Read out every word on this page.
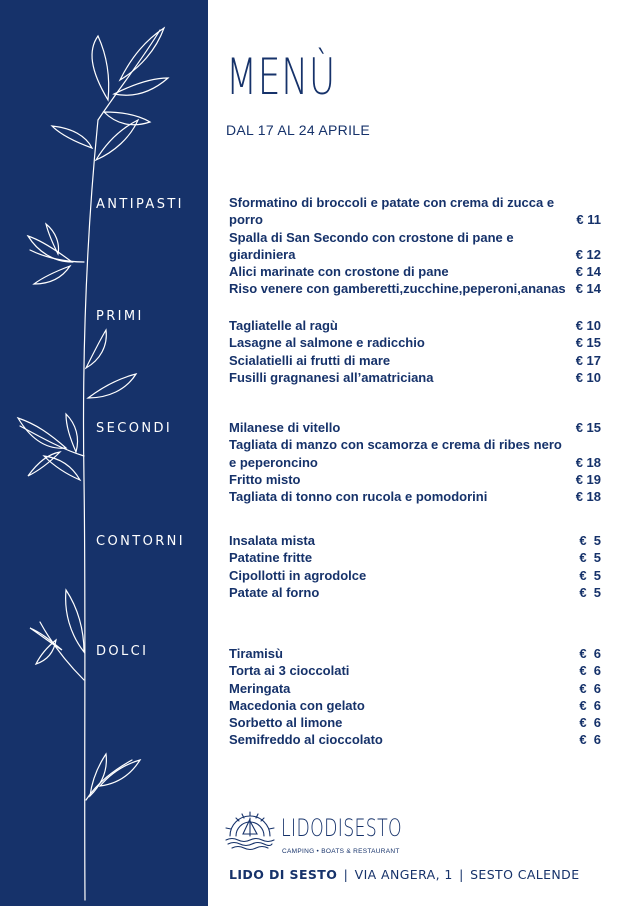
ANTIPASTI
PRIMI
SECONDI
CONTORNI
DOLCI
MENÙ
DAL 17 AL 24 APRILE
Sformatino di broccoli e patate con crema di zucca e porro	€ 11
Spalla di San Secondo con crostone di pane e giardiniera	€ 12
Alici marinate con crostone di pane	€ 14
Riso venere con gamberetti,zucchine,peperoni,ananas € 14
Tagliatelle al ragù	€ 10
Lasagne al salmone e radicchio	€ 15
Scialatielli ai frutti di mare	€ 17
Fusilli gragnanesi all’amatriciana	€ 10
Milanese di vitello	€ 15
Tagliata di manzo con scamorza e crema di ribes nero e peperoncino	€ 18
Fritto misto	€ 19
Tagliata di tonno con rucola e pomodorini	€ 18
Insalata mista	€  5
Patatine fritte	€  5
Cipollotti in agrodolce	€  5
Patate al forno	€  5
Tiramisù	€  6
Torta ai 3 cioccolati	€  6
Meringata	€  6
Macedonia con gelato	€  6
Sorbetto al limone	€  6
Semifreddo al cioccolato	€  6
LIDODISESTO
CAMPING • BOATS & RESTAURANT
LIDO DI SESTO | VIA ANGERA, 1 | SESTO CALENDE
